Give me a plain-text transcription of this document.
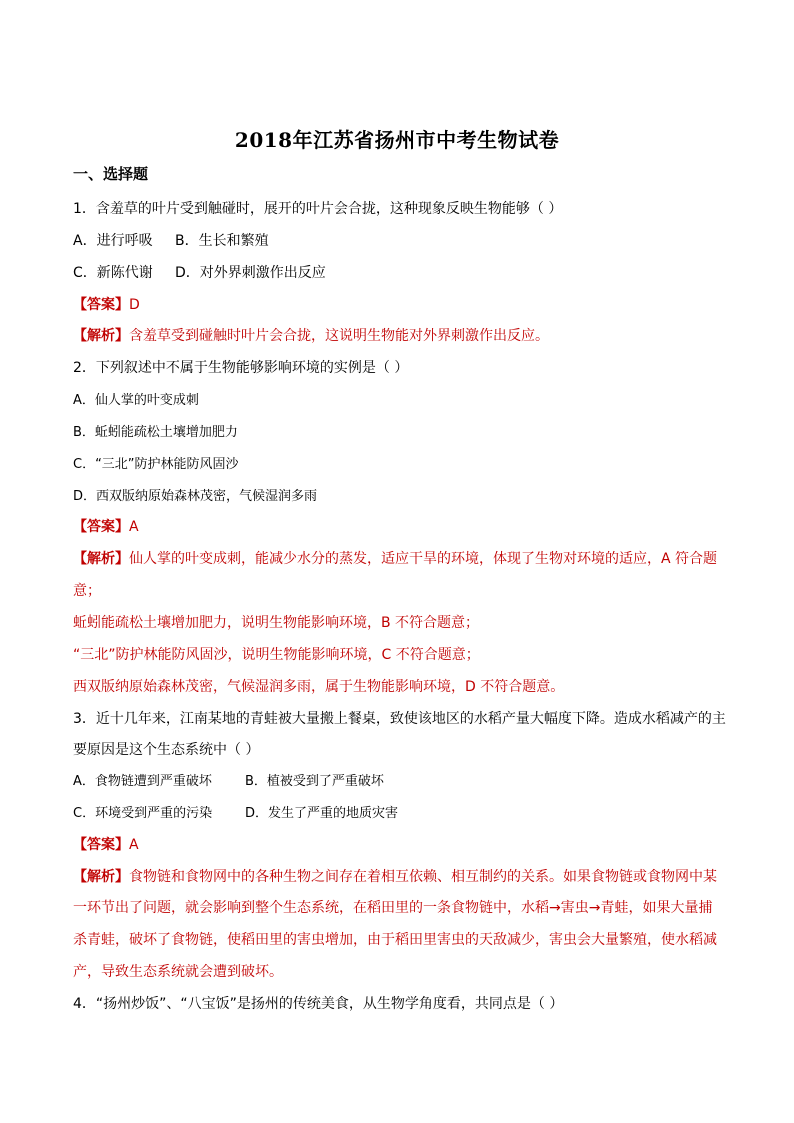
2018年江苏省扬州市中考生物试卷
一、选择题
1．含羞草的叶片受到触碰时，展开的叶片会合拢，这种现象反映生物能够（ ）
A．进行呼吸 B．生长和繁殖
C．新陈代谢 D．对外界刺激作出反应
【答案】D
【解析】含羞草受到碰触时叶片会合拢，这说明生物能对外界刺激作出反应。
2．下列叙述中不属于生物能够影响环境的实例是（ ）
A．仙人掌的叶变成刺
B．蚯蚓能疏松土壤增加肥力
C．“三北”防护林能防风固沙
D．西双版纳原始森林茂密，气候湿润多雨
【答案】A
【解析】仙人掌的叶变成刺，能减少水分的蒸发，适应干旱的环境，体现了生物对环境的适应，A 符合题
意；
蚯蚓能疏松土壤增加肥力，说明生物能影响环境，B 不符合题意；
“三北”防护林能防风固沙，说明生物能影响环境，C 不符合题意；
西双版纳原始森林茂密，气候湿润多雨，属于生物能影响环境，D 不符合题意。
3．近十几年来，江南某地的青蛙被大量搬上餐桌，致使该地区的水稻产量大幅度下降。造成水稻减产的主
要原因是这个生态系统中（ ）
A．食物链遭到严重破坏	B．植被受到了严重破坏
C．环境受到严重的污染	D．发生了严重的地质灾害
【答案】A
【解析】食物链和食物网中的各种生物之间存在着相互依赖、相互制约的关系。如果食物链或食物网中某
一环节出了问题，就会影响到整个生态系统，在稻田里的一条食物链中，水稻→害虫→青蛙，如果大量捕
杀青蛙，破坏了食物链，使稻田里的害虫增加，由于稻田里害虫的天敌减少，害虫会大量繁殖，使水稻减
产，导致生态系统就会遭到破坏。
4．“扬州炒饭”、“八宝饭”是扬州的传统美食，从生物学角度看，共同点是（ ）
